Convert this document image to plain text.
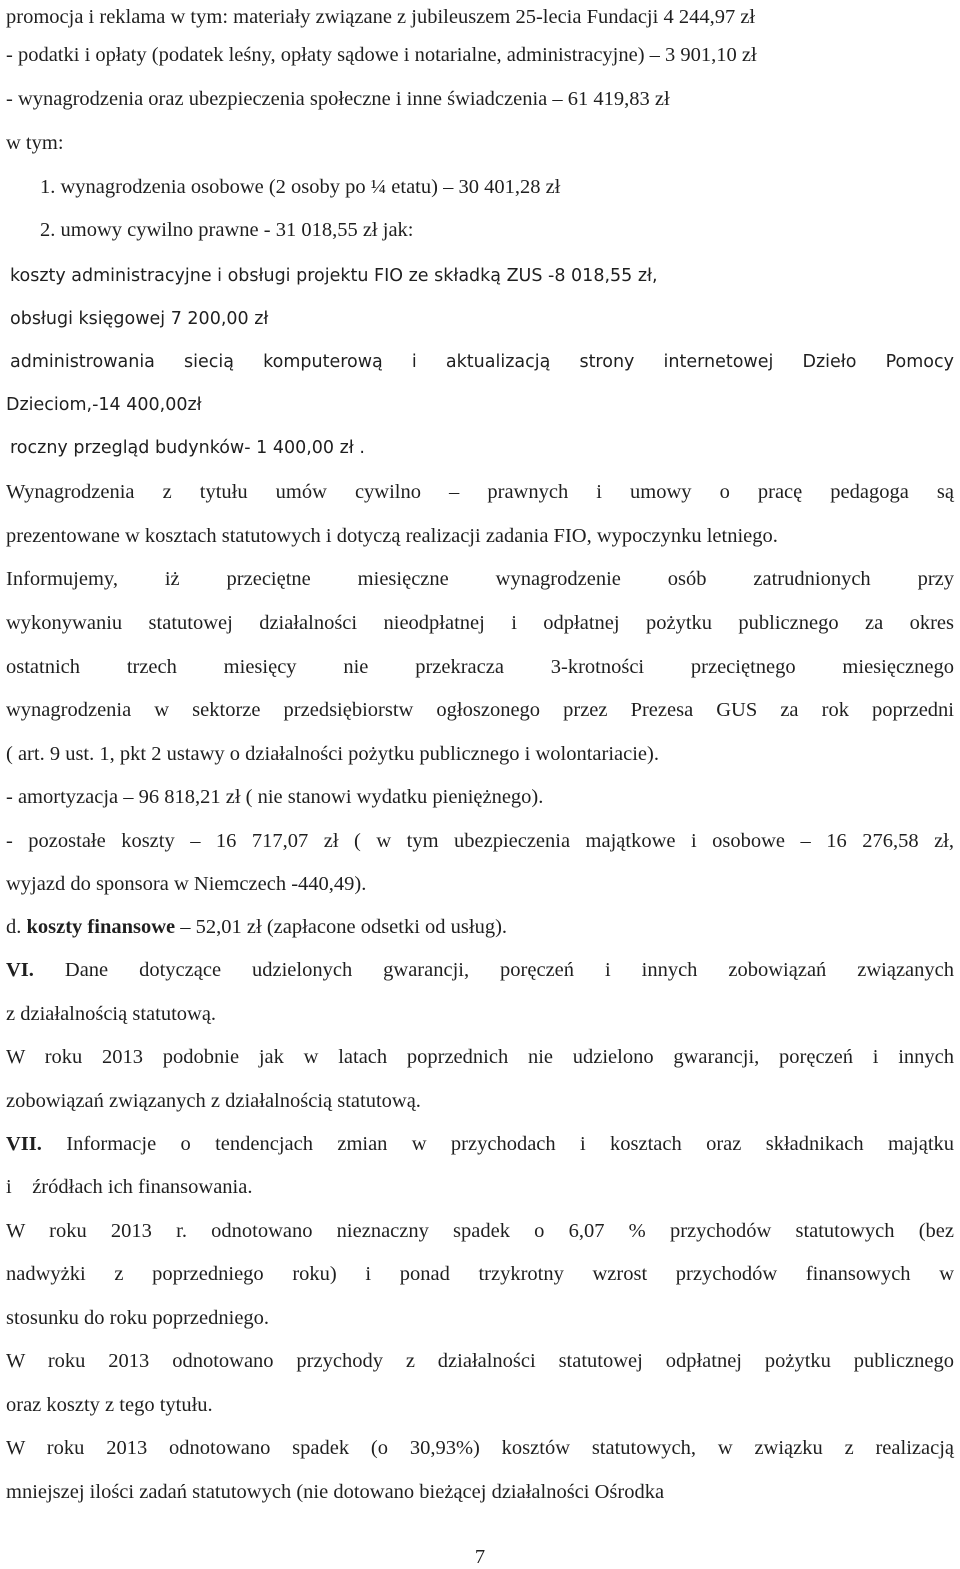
promocja i reklama w tym: materiały związane z jubileuszem 25-lecia Fundacji 4 244,97 zł
- podatki i opłaty (podatek leśny, opłaty sądowe i notarialne, administracyjne) – 3 901,10 zł
- wynagrodzenia oraz ubezpieczenia społeczne i inne świadczenia – 61 419,83 zł
w tym:
1. wynagrodzenia osobowe (2 osoby po ¼ etatu) – 30 401,28 zł
2. umowy cywilno prawne - 31 018,55 zł jak:
koszty administracyjne i obsługi projektu FIO ze składką ZUS -8 018,55 zł,
obsługi księgowej 7 200,00 zł
administrowania siecią komputerową i aktualizacją strony internetowej Dzieło Pomocy
Dzieciom,-14 400,00zł
roczny przegląd budynków- 1 400,00 zł .
Wynagrodzenia z tytułu umów cywilno – prawnych i umowy o pracę pedagoga są
prezentowane w kosztach statutowych i dotyczą realizacji zadania FIO, wypoczynku letniego.
Informujemy, iż przeciętne miesięczne wynagrodzenie osób zatrudnionych przy
wykonywaniu statutowej działalności nieodpłatnej i odpłatnej pożytku publicznego za okres
ostatnich trzech miesięcy nie przekracza 3-krotności przeciętnego miesięcznego
wynagrodzenia w sektorze przedsiębiorstw ogłoszonego przez Prezesa GUS za rok poprzedni
( art. 9 ust. 1, pkt 2 ustawy o działalności pożytku publicznego i wolontariacie).
- amortyzacja – 96 818,21 zł ( nie stanowi wydatku pieniężnego).
- pozostałe koszty – 16 717,07 zł ( w tym ubezpieczenia majątkowe i osobowe – 16 276,58 zł,
wyjazd do sponsora w Niemczech -440,49).
d. koszty finansowe – 52,01 zł (zapłacone odsetki od usług).
VI. Dane dotyczące udzielonych gwarancji, poręczeń i innych zobowiązań związanych
z działalnością statutową.
W roku 2013 podobnie jak w latach poprzednich nie udzielono gwarancji, poręczeń i innych
zobowiązań związanych z działalnością statutową.
VII. Informacje o tendencjach zmian w przychodach i kosztach oraz składnikach majątku
i    źródłach ich finansowania.
W roku 2013 r. odnotowano nieznaczny spadek o 6,07 % przychodów statutowych (bez
nadwyżki z poprzedniego roku) i ponad trzykrotny wzrost przychodów finansowych w
stosunku do roku poprzedniego.
W roku 2013 odnotowano przychody z działalności statutowej odpłatnej pożytku publicznego
oraz koszty z tego tytułu.
W roku 2013 odnotowano spadek (o 30,93%) kosztów statutowych, w związku z realizacją
mniejszej ilości zadań statutowych (nie dotowano bieżącej działalności Ośrodka
7
